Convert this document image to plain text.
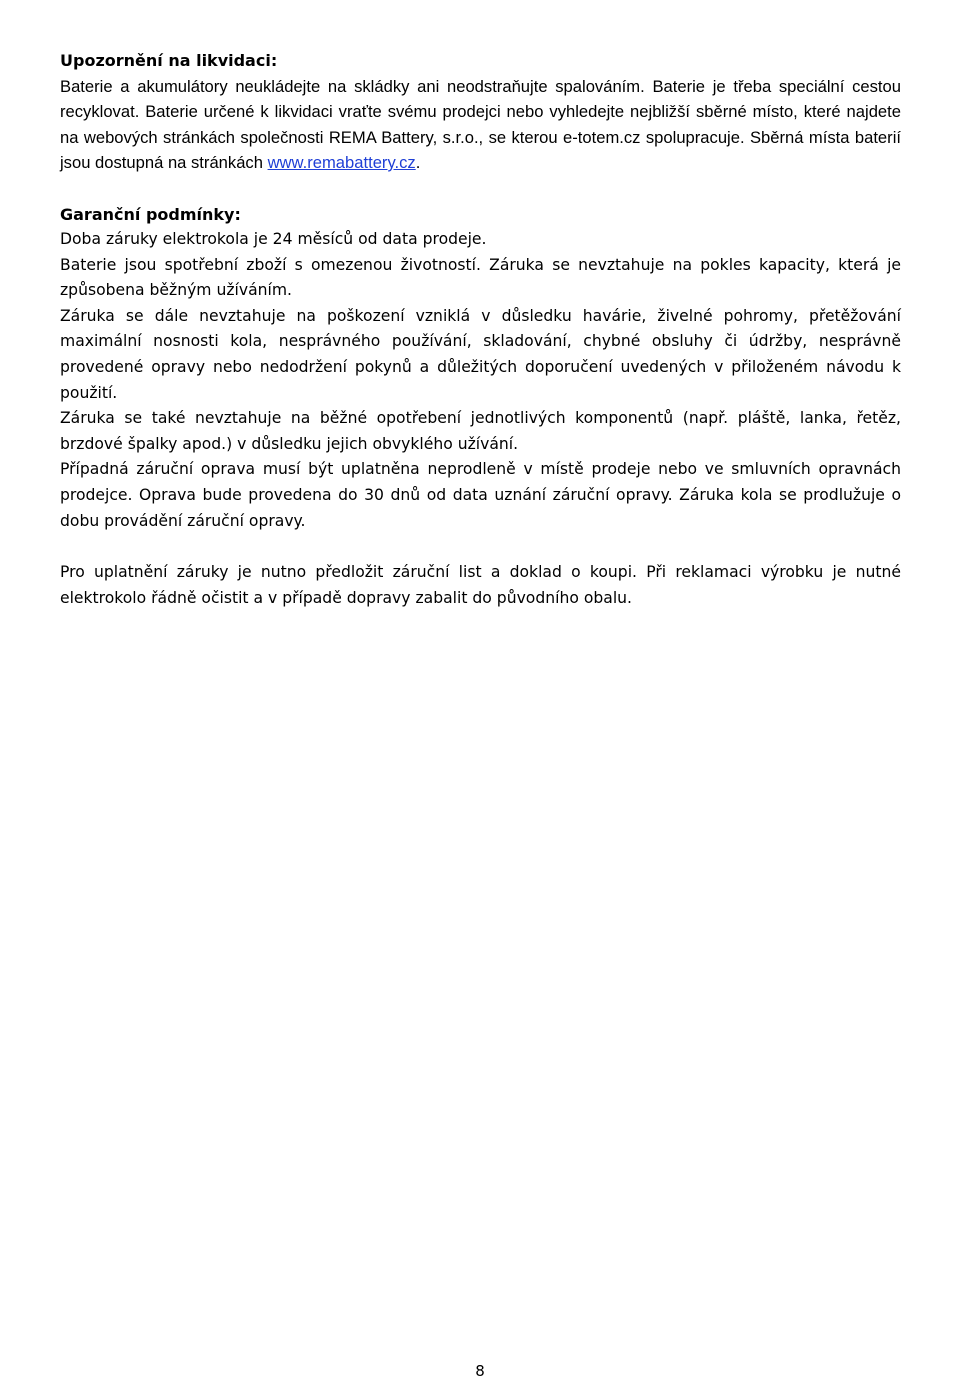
Upozornění na likvidaci:

Baterie a akumulátory neukládejte na skládky ani neodstraňujte spalováním. Baterie je třeba speciální cestou recyklovat. Baterie určené k likvidaci vraťte svému prodejci nebo vyhledejte nejbližší sběrné místo, které najdete na webových stránkách společnosti REMA Battery, s.r.o., se kterou e-totem.cz spolupracuje. Sběrná místa baterií jsou dostupná na stránkách www.remabattery.cz.

Garanční podmínky:

Doba záruky elektrokola je 24 měsíců od data prodeje.

Baterie jsou spotřební zboží s omezenou životností. Záruka se nevztahuje na pokles kapacity, která je způsobena běžným užíváním.

Záruka se dále nevztahuje na poškození vzniklá v důsledku havárie, živelné pohromy, přetěžování maximální nosnosti kola, nesprávného používání, skladování, chybné obsluhy či údržby, nesprávně provedené opravy nebo nedodržení pokynů a důležitých doporučení uvedených v přiloženém návodu k použití.

Záruka se také nevztahuje na běžné opotřebení jednotlivých komponentů (např. pláště, lanka, řetěz, brzdové špalky apod.) v důsledku jejich obvyklého užívání.

Případná záruční oprava musí být uplatněna neprodleně v místě prodeje nebo ve smluvních opravnách prodejce. Oprava bude provedena do 30 dnů od data uznání záruční opravy. Záruka kola se prodlužuje o dobu provádění záruční opravy.

Pro uplatnění záruky je nutno předložit záruční list a doklad o koupi. Při reklamaci výrobku je nutné elektrokolo řádně očistit a v případě dopravy zabalit do původního obalu.

8
